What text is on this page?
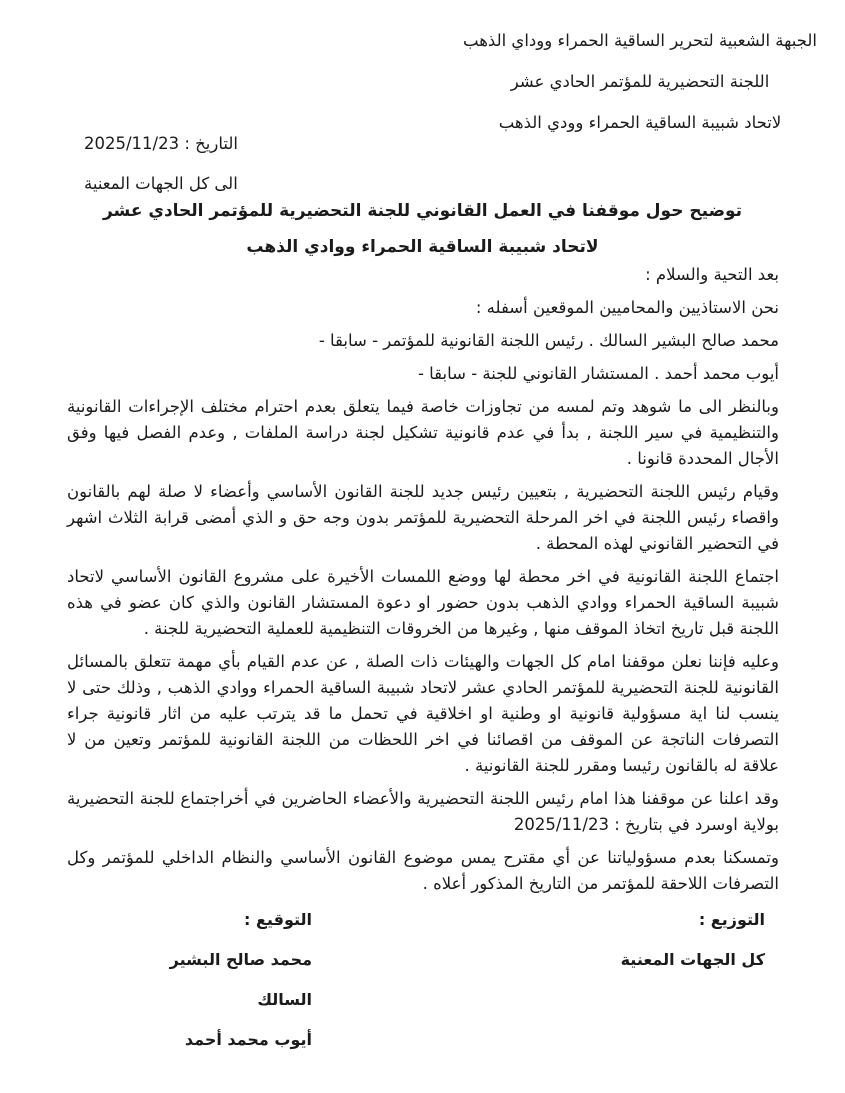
الجبهة الشعبية لتحرير الساقية الحمراء ووداي الذهب
اللجنة التحضيرية للمؤتمر الحادي عشر
لاتحاد شبيبة الساقية الحمراء وودي الذهب
التاريخ : 2025/11/23
الى كل الجهات المعنية
توضيح حول موقفنا في العمل القانوني للجنة التحضيرية للمؤتمر الحادي عشر
لاتحاد شبيبة الساقية الحمراء ووادي الذهب

بعد التحية والسلام :

نحن الاستاذيين والمحاميين الموقعين أسفله :

محمد صالح البشير السالك . رئيس اللجنة القانونية للمؤتمر - سابقا -

أيوب محمد أحمد . المستشار القانوني للجنة - سابقا -

وبالنظر الى ما شوهد وتم لمسه من تجاوزات خاصة فيما يتعلق بعدم احترام مختلف الإجراءات القانونية والتنظيمية في سير اللجنة , بدأ في عدم قانونية تشكيل لجنة دراسة الملفات , وعدم الفصل فيها وفق الأجال المحددة قانونا .

وقيام رئيس اللجنة التحضيرية , بتعيين رئيس جديد للجنة القانون الأساسي وأعضاء لا صلة لهم بالقانون واقصاء رئيس اللجنة في اخر المرحلة التحضيرية للمؤتمر بدون وجه حق و الذي أمضى قرابة الثلاث اشهر في التحضير القانوني لهذه المحطة .

اجتماع اللجنة القانونية في اخر محطة لها ووضع اللمسات الأخيرة على مشروع القانون الأساسي لاتحاد شبيبة الساقية الحمراء ووادي الذهب بدون حضور او دعوة المستشار القانون والذي كان عضو في هذه اللجنة قبل تاريخ اتخاذ الموقف منها , وغيرها من الخروقات التنظيمية للعملية التحضيرية للجنة .

وعليه فإننا نعلن موقفنا امام كل الجهات والهيئات ذات الصلة , عن عدم القيام بأي مهمة تتعلق بالمسائل القانونية للجنة التحضيرية للمؤتمر الحادي عشر لاتحاد شبيبة الساقية الحمراء ووادي الذهب , وذلك حتى لا ينسب لنا اية مسؤولية قانونية او وطنية او اخلاقية في تحمل ما قد يترتب عليه من اثار قانونية جراء التصرفات الناتجة عن الموقف من اقصائنا في اخر اللحظات من اللجنة القانونية للمؤتمر وتعين من لا علاقة له بالقانون رئيسا ومقرر للجنة القانونية .

وقد اعلنا عن موقفنا هذا امام رئيس اللجنة التحضيرية والأعضاء الحاضرين في أخراجتماع للجنة التحضيرية بولاية اوسرد في بتاريخ : 2025/11/23

وتمسكنا بعدم مسؤولياتنا عن أي مقترح يمس موضوع القانون الأساسي والنظام الداخلي للمؤتمر وكل التصرفات اللاحقة للمؤتمر من التاريخ المذكور أعلاه .

التوزيع :
كل الجهات المعنية
التوقيع :
محمد صالح البشير السالك
أيوب محمد أحمد
